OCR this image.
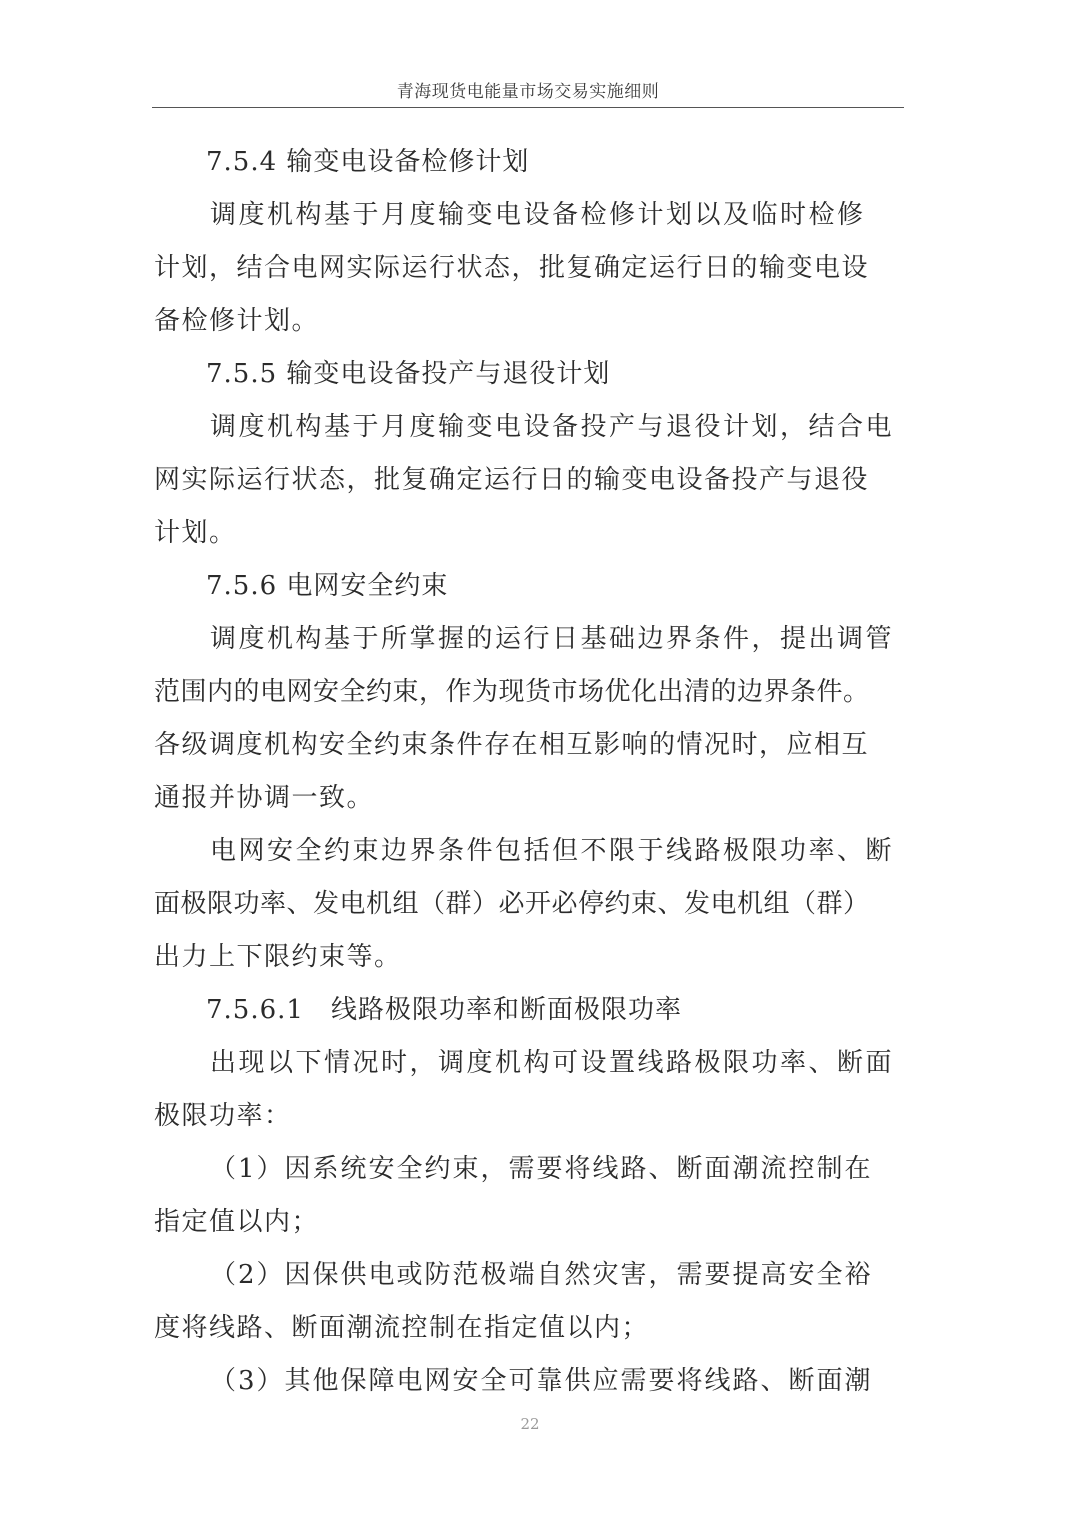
青海现货电能量市场交易实施细则
7.5.4 输变电设备检修计划
调度机构基于月度输变电设备检修计划以及临时检修
计划，结合电网实际运行状态，批复确定运行日的输变电设
备检修计划。
7.5.5 输变电设备投产与退役计划
调度机构基于月度输变电设备投产与退役计划，结合电
网实际运行状态，批复确定运行日的输变电设备投产与退役
计划。
7.5.6 电网安全约束
调度机构基于所掌握的运行日基础边界条件，提出调管
范围内的电网安全约束，作为现货市场优化出清的边界条件。
各级调度机构安全约束条件存在相互影响的情况时，应相互
通报并协调一致。
电网安全约束边界条件包括但不限于线路极限功率、断
面极限功率、发电机组（群）必开必停约束、发电机组（群）
出力上下限约束等。
7.5.6.1　线路极限功率和断面极限功率
出现以下情况时，调度机构可设置线路极限功率、断面
极限功率：
（1）因系统安全约束，需要将线路、断面潮流控制在
指定值以内；
（2）因保供电或防范极端自然灾害，需要提高安全裕
度将线路、断面潮流控制在指定值以内；
（3）其他保障电网安全可靠供应需要将线路、断面潮
22
